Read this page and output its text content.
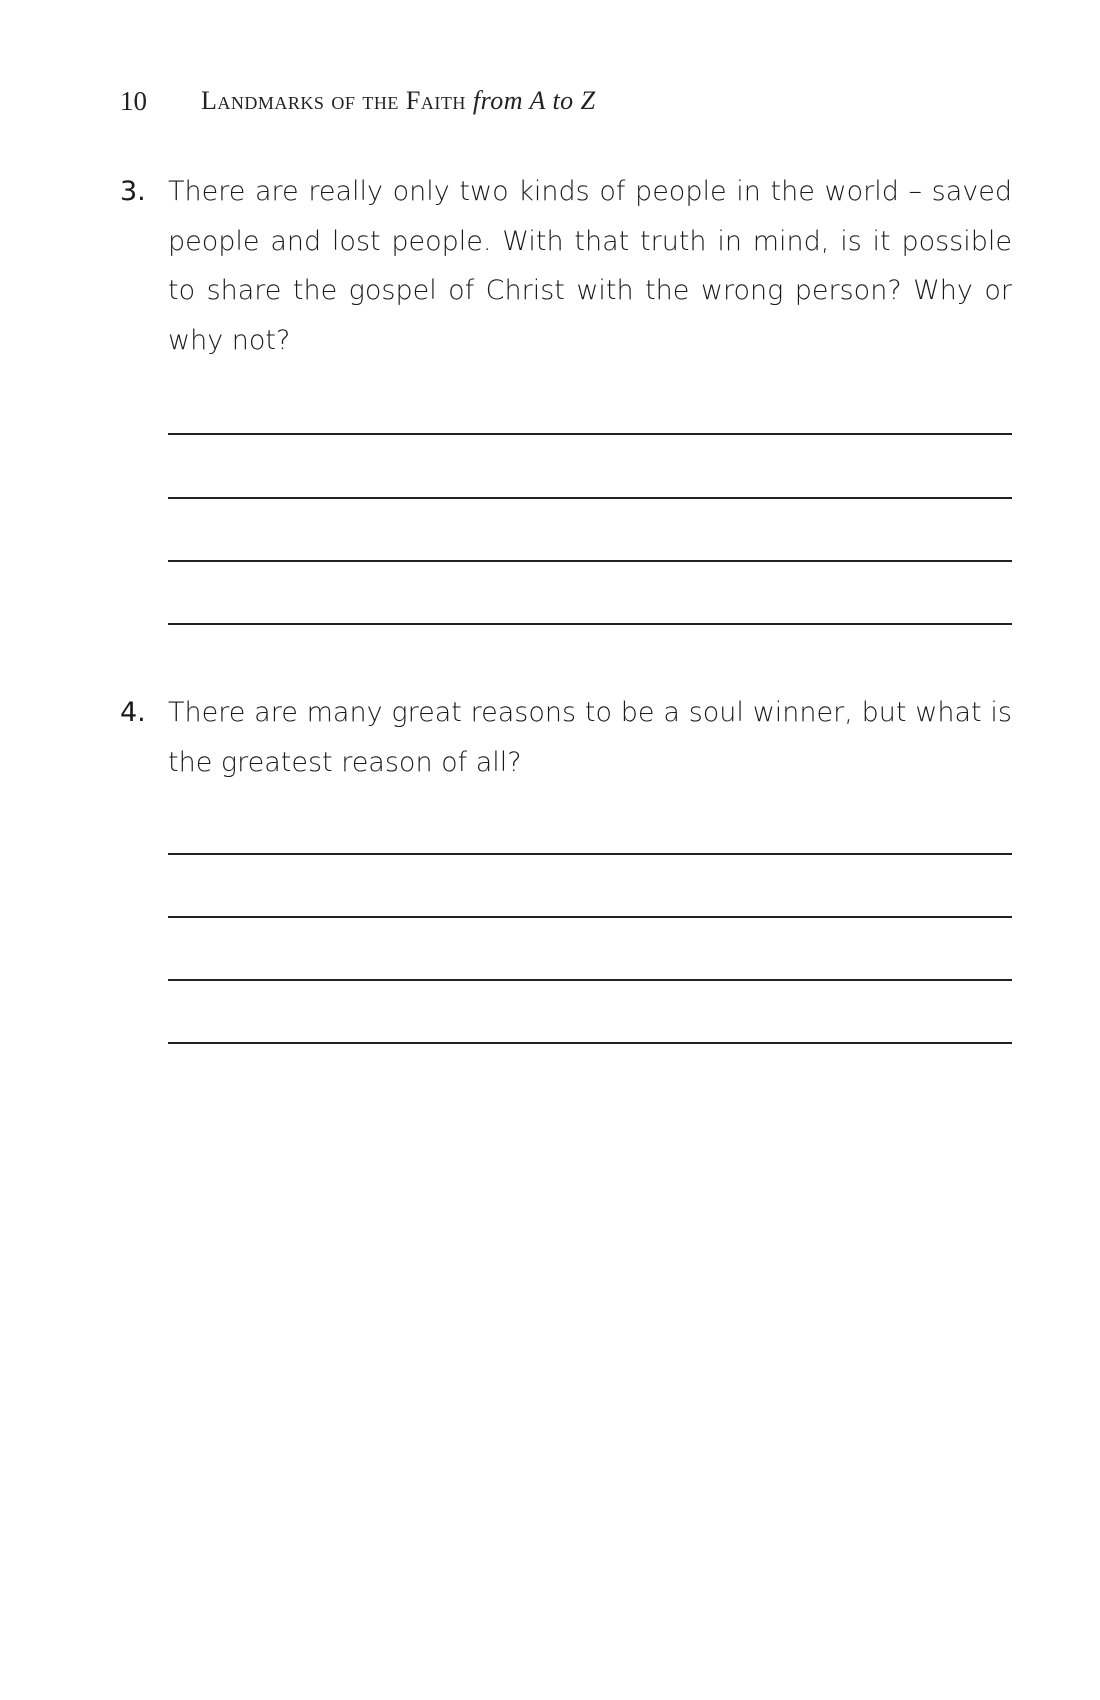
10 Landmarks of the Faith from A to Z
3. There are really only two kinds of people in the world – saved people and lost people. With that truth in mind, is it possible to share the gospel of Christ with the wrong person? Why or why not?
4. There are many great reasons to be a soul winner, but what is the greatest reason of all?
